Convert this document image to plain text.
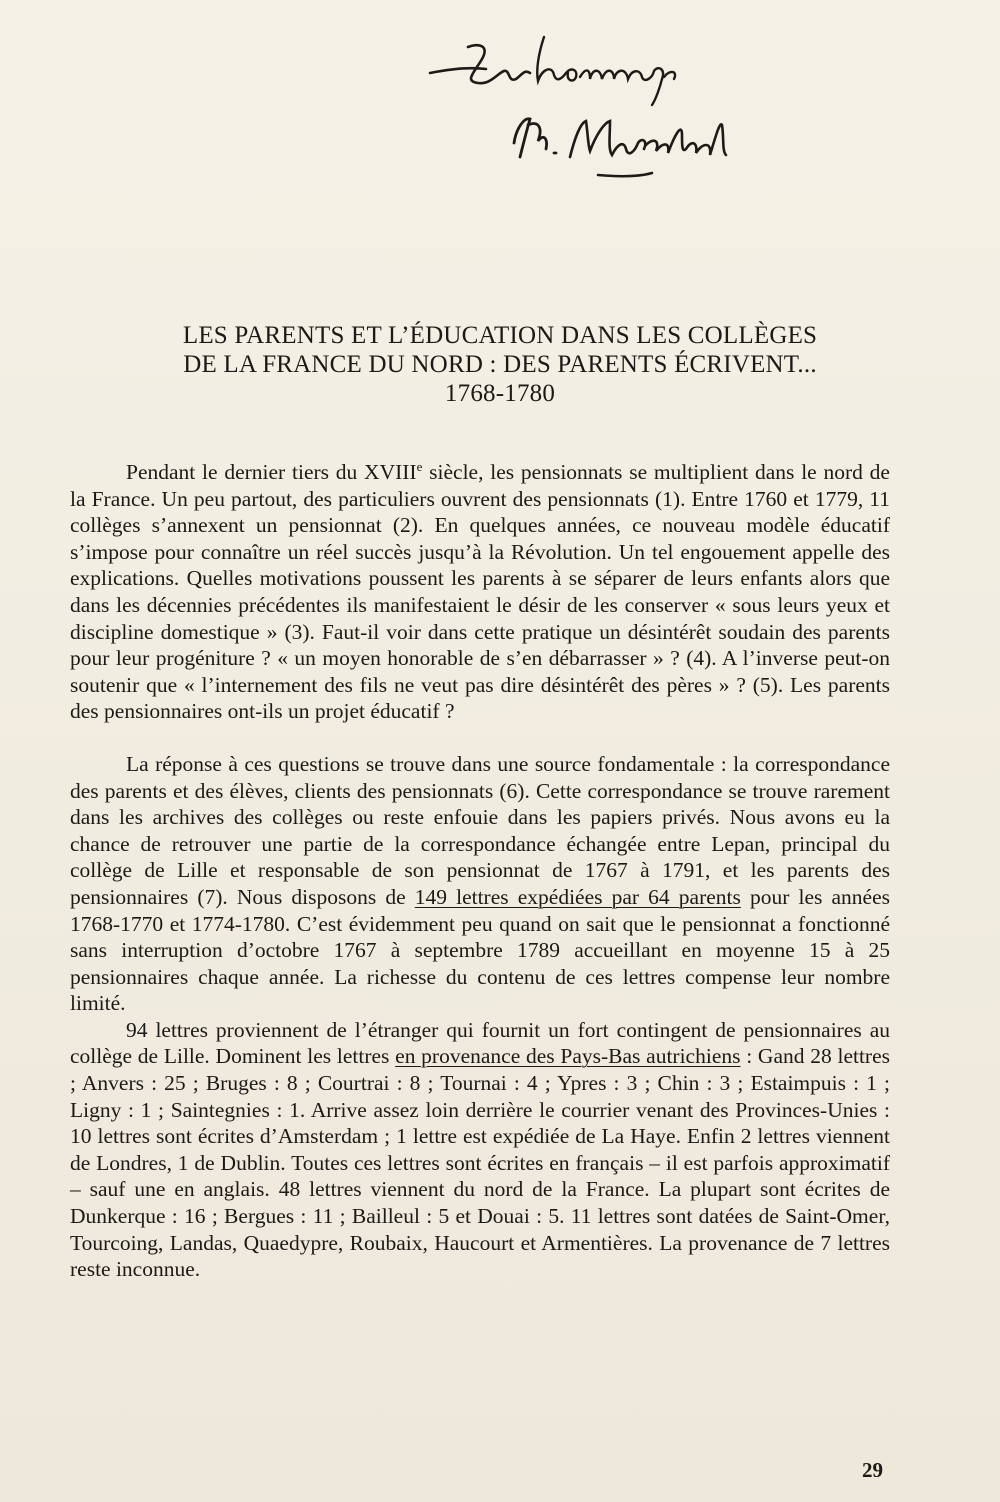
LES PARENTS ET L’ÉDUCATION DANS LES COLLÈGES
DE LA FRANCE DU NORD : DES PARENTS ÉCRIVENT...
1768-1780

Pendant le dernier tiers du XVIIIe siècle, les pensionnats se multiplient dans le nord de la France. Un peu partout, des particuliers ouvrent des pensionnats (1). Entre 1760 et 1779, 11 collèges s’annexent un pensionnat (2). En quelques années, ce nouveau modèle éducatif s’impose pour connaître un réel succès jusqu’à la Révolution. Un tel engouement appelle des explications. Quelles motivations poussent les parents à se séparer de leurs enfants alors que dans les décennies précédentes ils manifestaient le désir de les conserver « sous leurs yeux et discipline domestique » (3). Faut-il voir dans cette pratique un désintérêt soudain des parents pour leur progéniture ? « un moyen honorable de s’en débarrasser » ? (4). A l’inverse peut-on soutenir que « l’internement des fils ne veut pas dire désintérêt des pères » ? (5). Les parents des pensionnaires ont-ils un projet éducatif ?

La réponse à ces questions se trouve dans une source fondamentale : la correspondance des parents et des élèves, clients des pensionnats (6). Cette correspondance se trouve rarement dans les archives des collèges ou reste enfouie dans les papiers privés. Nous avons eu la chance de retrouver une partie de la correspondance échangée entre Lepan, principal du collège de Lille et responsable de son pensionnat de 1767 à 1791, et les parents des pensionnaires (7). Nous disposons de 149 lettres expédiées par 64 parents pour les années 1768-1770 et 1774-1780. C’est évidemment peu quand on sait que le pensionnat a fonctionné sans interruption d’octobre 1767 à septembre 1789 accueillant en moyenne 15 à 25 pensionnaires chaque année. La richesse du contenu de ces lettres compense leur nombre limité.

94 lettres proviennent de l’étranger qui fournit un fort contingent de pensionnaires au collège de Lille. Dominent les lettres en provenance des Pays-Bas autrichiens : Gand 28 lettres ; Anvers : 25 ; Bruges : 8 ; Courtrai : 8 ; Tournai : 4 ; Ypres : 3 ; Chin : 3 ; Estaimpuis : 1 ; Ligny : 1 ; Saintegnies : 1. Arrive assez loin derrière le courrier venant des Provinces-Unies : 10 lettres sont écrites d’Amsterdam ; 1 lettre est expédiée de La Haye. Enfin 2 lettres viennent de Londres, 1 de Dublin. Toutes ces lettres sont écrites en français – il est parfois approximatif – sauf une en anglais. 48 lettres viennent du nord de la France. La plupart sont écrites de Dunkerque : 16 ; Bergues : 11 ; Bailleul : 5 et Douai : 5. 11 lettres sont datées de Saint-Omer, Tourcoing, Landas, Quaedypre, Roubaix, Haucourt et Armentières. La provenance de 7 lettres reste inconnue.

29
